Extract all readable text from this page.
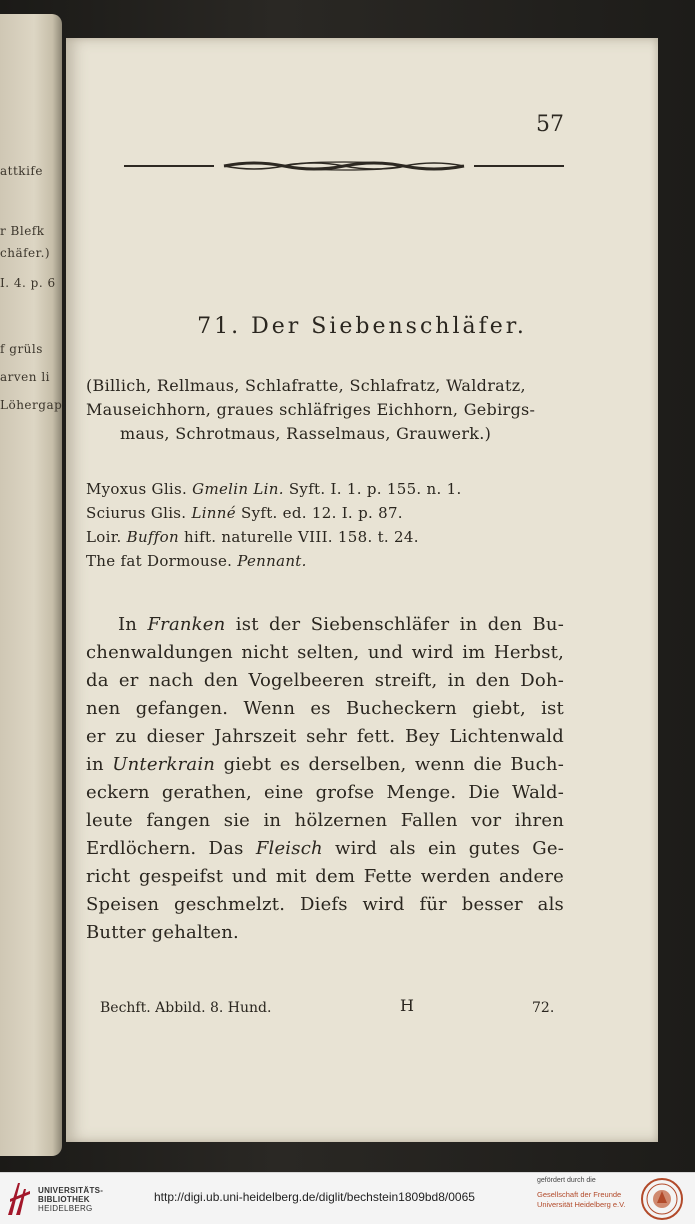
attkife
r Blefk
chäfer.)
I. 4. p. 6
f grüls
arven li
Löhergap
57
71. Der Siebenschläfer.
(Billich, Rellmaus, Schlafratte, Schlafratz, Waldratz,
Mauseichhorn, graues schläfriges Eichhorn, Gebirgs-
maus, Schrotmaus, Rasselmaus, Grauwerk.)
Myoxus Glis. Gmelin Lin. Syft. I. 1. p. 155. n. 1.
Sciurus Glis. Linné Syft. ed. 12. I. p. 87.
Loir. Buffon hift. naturelle VIII. 158. t. 24.
The fat Dormouse. Pennant.
In Franken ist der Siebenschläfer in den Bu-
chenwaldungen nicht selten, und wird im Herbst,
da er nach den Vogelbeeren streift, in den Doh-
nen gefangen. Wenn es Bucheckern giebt, ist
er zu dieser Jahrszeit sehr fett. Bey Lichtenwald
in Unterkrain giebt es derselben, wenn die Buch-
eckern gerathen, eine grofse Menge. Die Wald-
leute fangen sie in hölzernen Fallen vor ihren
Erdlöchern. Das Fleisch wird als ein gutes Ge-
richt gespeifst und mit dem Fette werden andere
Speisen geschmelzt. Diefs wird für besser als
Butter gehalten.
Bechft. Abbild. 8. Hund.	H	72.
UNIVERSITÄTS-
BIBLIOTHEK
HEIDELBERG
http://digi.ub.uni-heidelberg.de/diglit/bechstein1809bd8/0065
gefördert durch die
Gesellschaft der Freunde
Universität Heidelberg e.V.
